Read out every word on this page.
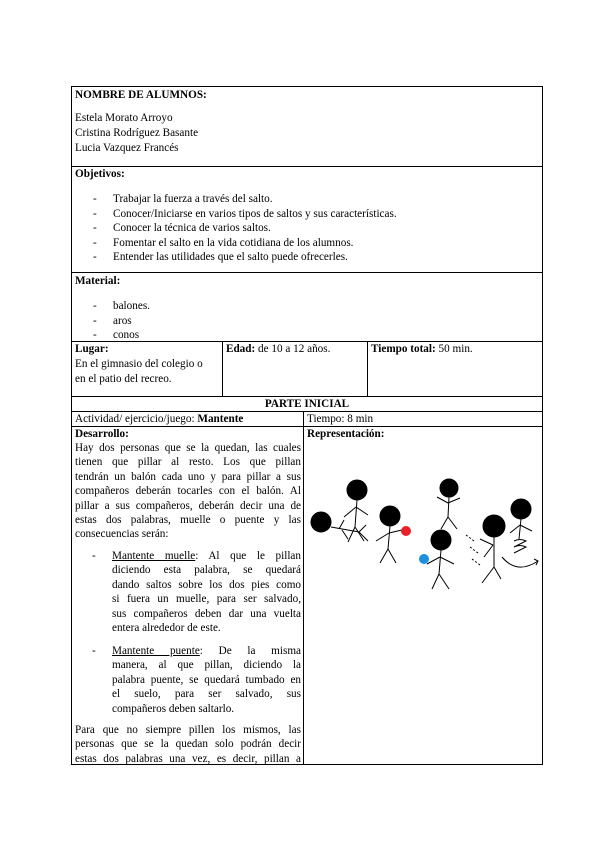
NOMBRE DE ALUMNOS:
Estela Morato Arroyo
Cristina Rodríguez Basante
Lucia Vazquez Francés
Objetivos:
- Trabajar la fuerza a través del salto.
- Conocer/Iniciarse en varios tipos de saltos y sus características.
- Conocer la técnica de varios saltos.
- Fomentar el salto en la vida cotidiana de los alumnos.
- Entender las utilidades que el salto puede ofrecerles.
Material:
- balones.
- aros
- conos
Lugar:
En el gimnasio del colegio o
en el patio del recreo.
Edad: de 10 a 12 años.	Tiempo total: 50 min.
PARTE INICIAL
Actividad/ ejercicio/juego: Mantente	Tiempo: 8 min
Desarrollo:
Hay dos personas que se la quedan, las cuales
tienen que pillar al resto. Los que pillan
tendrán un balón cada uno y para pillar a sus
compañeros deberán tocarles con el balón. Al
pillar a sus compañeros, deberán decir una de
estas dos palabras, muelle o puente y las
consecuencias serán:
- Mantente muelle: Al que le pillan
diciendo esta palabra, se quedará
dando saltos sobre los dos pies como
si fuera un muelle, para ser salvado,
sus compañeros deben dar una vuelta
entera alrededor de este.
- Mantente puente: De la misma
manera, al que pillan, diciendo la
palabra puente, se quedará tumbado en
el suelo, para ser salvado, sus
compañeros deben saltarlo.
Para que no siempre pillen los mismos, las
personas que se la quedan solo podrán decir
estas dos palabras una vez, es decir, pillan a
Representación:
